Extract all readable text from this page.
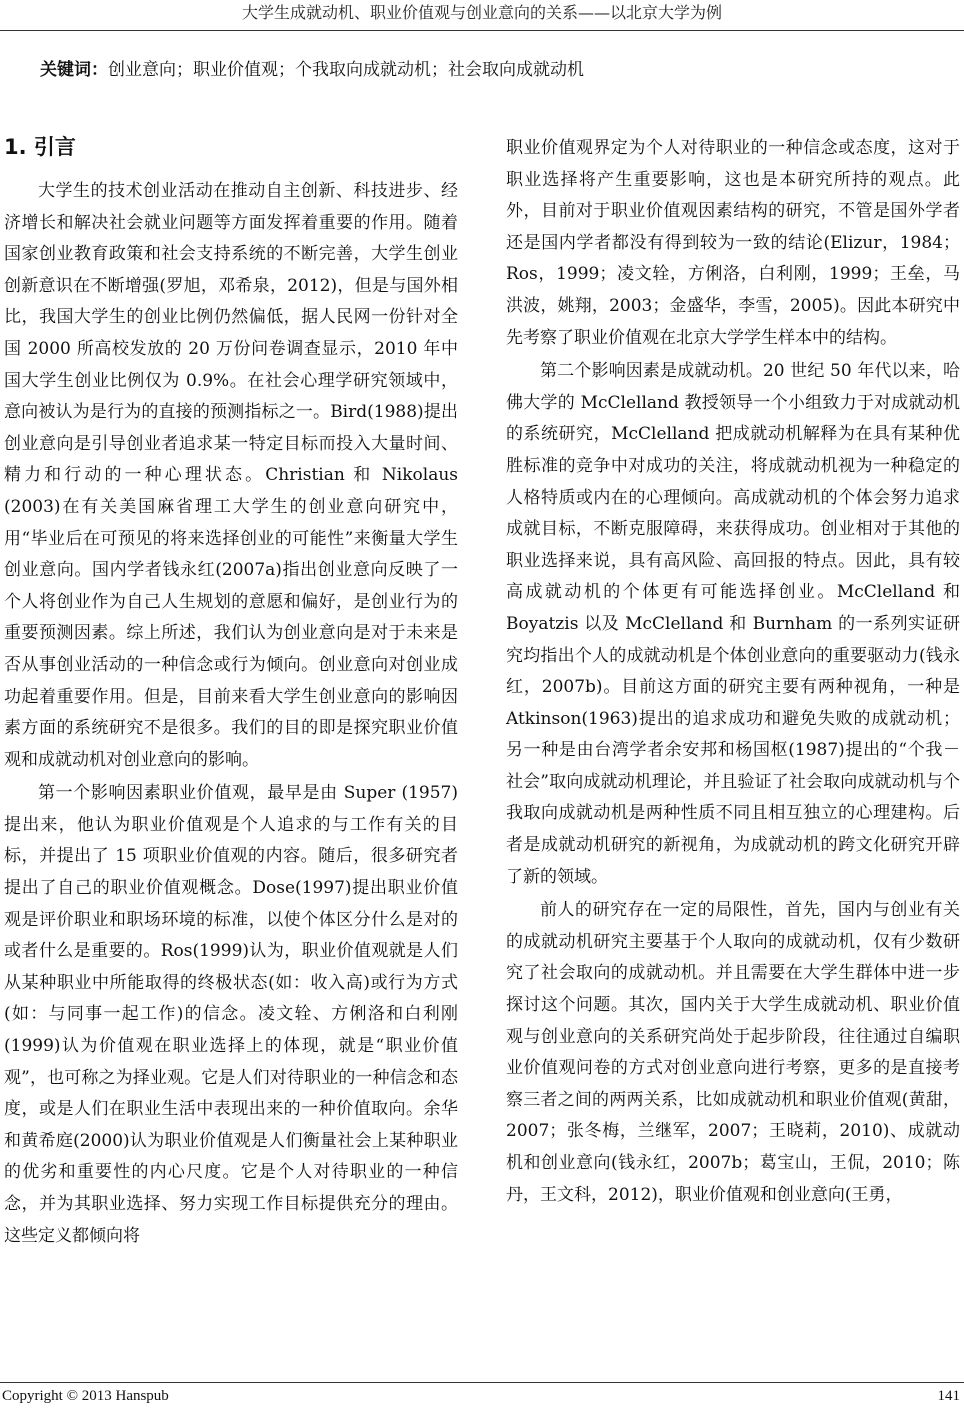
大学生成就动机、职业价值观与创业意向的关系——以北京大学为例
关键词：创业意向；职业价值观；个我取向成就动机；社会取向成就动机
1. 引言

大学生的技术创业活动在推动自主创新、科技进步、经济增长和解决社会就业问题等方面发挥着重要的作用。随着国家创业教育政策和社会支持系统的不断完善，大学生创业创新意识在不断增强(罗旭，邓希泉，2012)，但是与国外相比，我国大学生的创业比例仍然偏低，据人民网一份针对全国 2000 所高校发放的 20 万份问卷调查显示，2010 年中国大学生创业比例仅为 0.9%。在社会心理学研究领域中，意向被认为是行为的直接的预测指标之一。Bird(1988)提出创业意向是引导创业者追求某一特定目标而投入大量时间、精力和行动的一种心理状态。Christian 和 Nikolaus (2003)在有关美国麻省理工大学生的创业意向研究中，用“毕业后在可预见的将来选择创业的可能性”来衡量大学生创业意向。国内学者钱永红(2007a)指出创业意向反映了一个人将创业作为自己人生规划的意愿和偏好，是创业行为的重要预测因素。综上所述，我们认为创业意向是对于未来是否从事创业活动的一种信念或行为倾向。创业意向对创业成功起着重要作用。但是，目前来看大学生创业意向的影响因素方面的系统研究不是很多。我们的目的即是探究职业价值观和成就动机对创业意向的影响。

第一个影响因素职业价值观，最早是由 Super (1957)提出来，他认为职业价值观是个人追求的与工作有关的目标，并提出了 15 项职业价值观的内容。随后，很多研究者提出了自己的职业价值观概念。Dose(1997)提出职业价值观是评价职业和职场环境的标准，以使个体区分什么是对的或者什么是重要的。Ros(1999)认为，职业价值观就是人们从某种职业中所能取得的终极状态(如：收入高)或行为方式(如：与同事一起工作)的信念。凌文辁、方俐洛和白利刚(1999)认为价值观在职业选择上的体现，就是“职业价值观”，也可称之为择业观。它是人们对待职业的一种信念和态度，或是人们在职业生活中表现出来的一种价值取向。余华和黄希庭(2000)认为职业价值观是人们衡量社会上某种职业的优劣和重要性的内心尺度。它是个人对待职业的一种信念，并为其职业选择、努力实现工作目标提供充分的理由。这些定义都倾向将

职业价值观界定为个人对待职业的一种信念或态度，这对于职业选择将产生重要影响，这也是本研究所持的观点。此外，目前对于职业价值观因素结构的研究，不管是国外学者还是国内学者都没有得到较为一致的结论(Elizur，1984；Ros，1999；凌文辁，方俐洛，白利刚，1999；王垒，马洪波，姚翔，2003；金盛华，李雪，2005)。因此本研究中先考察了职业价值观在北京大学学生样本中的结构。

第二个影响因素是成就动机。20 世纪 50 年代以来，哈佛大学的 McClelland 教授领导一个小组致力于对成就动机的系统研究，McClelland 把成就动机解释为在具有某种优胜标准的竞争中对成功的关注，将成就动机视为一种稳定的人格特质或内在的心理倾向。高成就动机的个体会努力追求成就目标，不断克服障碍，来获得成功。创业相对于其他的职业选择来说，具有高风险、高回报的特点。因此，具有较高成就动机的个体更有可能选择创业。McClelland 和 Boyatzis 以及 McClelland 和 Burnham 的一系列实证研究均指出个人的成就动机是个体创业意向的重要驱动力(钱永红，2007b)。目前这方面的研究主要有两种视角，一种是 Atkinson(1963)提出的追求成功和避免失败的成就动机；另一种是由台湾学者余安邦和杨国枢(1987)提出的“个我－社会”取向成就动机理论，并且验证了社会取向成就动机与个我取向成就动机是两种性质不同且相互独立的心理建构。后者是成就动机研究的新视角，为成就动机的跨文化研究开辟了新的领域。

前人的研究存在一定的局限性，首先，国内与创业有关的成就动机研究主要基于个人取向的成就动机，仅有少数研究了社会取向的成就动机。并且需要在大学生群体中进一步探讨这个问题。其次，国内关于大学生成就动机、职业价值观与创业意向的关系研究尚处于起步阶段，往往通过自编职业价值观问卷的方式对创业意向进行考察，更多的是直接考察三者之间的两两关系，比如成就动机和职业价值观(黄甜，2007；张冬梅，兰继军，2007；王晓莉，2010)、成就动机和创业意向(钱永红，2007b；葛宝山，王侃，2010；陈丹，王文科，2012)，职业价值观和创业意向(王勇，

Copyright © 2013 Hanspub	141
